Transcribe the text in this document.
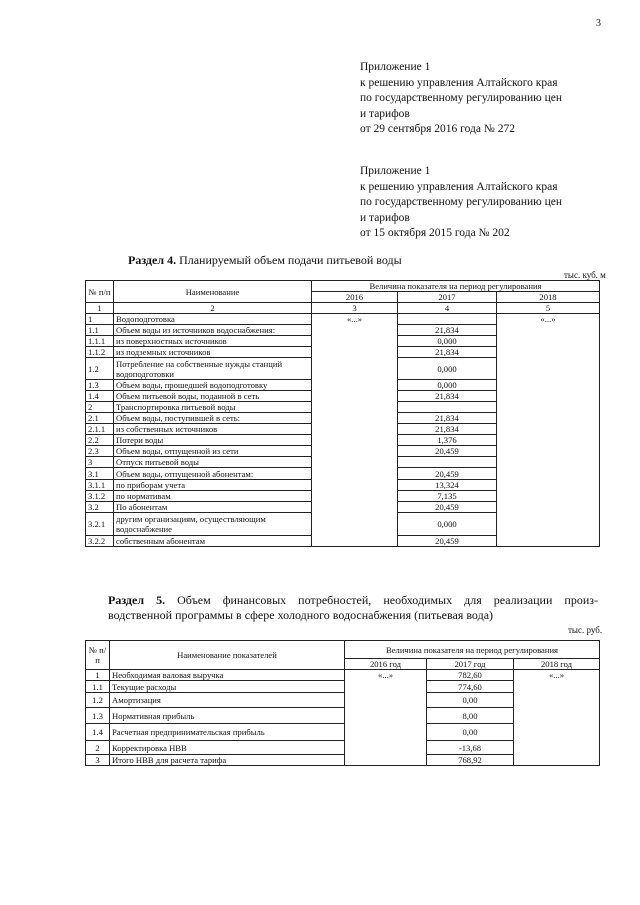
3
Приложение 1
к решению управления Алтайского края
по государственному регулированию цен
и тарифов
от 29 сентября 2016 года № 272
Приложение 1
к решению управления Алтайского края
по государственному регулированию цен
и тарифов
от 15 октября 2015 года № 202
Раздел 4. Планируемый объем подачи питьевой воды
тыс. куб. м
№ п/п	Наименование	Величина показателя на период регулирования		
		2016	2017	2018
1	2	3	4	5
1	Водоподготовка	«...»		«...»
1.1	Объем воды из источников водоснабжения:		21,834	
1.1.1	из поверхностных источников		0,000	
1.1.2	из подземных источников		21,834	
1.2	Потребление на собственные нужды станций водоподготовки		0,000	
1.3	Объем воды, прошедшей водоподготовку		0,000	
1.4	Объем питьевой воды, поданной в сеть		21,834	
2	Транспортировка питьевой воды			
2.1	Объем воды, поступившей в сеть:		21,834	
2.1.1	из собственных источников		21,834	
2.2	Потери воды		1,376	
2.3	Объем воды, отпущенной из сети		20,459	
3	Отпуск питьевой воды			
3.1	Объем воды, отпущенной абонентам:		20,459	
3.1.1	по приборам учета		13,324	
3.1.2	по нормативам		7,135	
3.2	По абонентам		20,459	
3.2.1	другим организациям, осуществляющим водоснабжение		0,000	
3.2.2	собственным абонентам		20,459	
Раздел 5. Объем финансовых потребностей, необходимых для реализации произ-
водственной программы в сфере холодного водоснабжения (питьевая вода)
тыс. руб.
№ п/п	Наименование показателей	Величина показателя на период регулирования		
		2016 год	2017 год	2018 год
1	Необходимая валовая выручка	«...»	782,60	«...»
1.1	Текущие расходы		774,60	
1.2	Амортизация		0,00	
1.3	Нормативная прибыль		8,00	
1.4	Расчетная предпринимательская прибыль		0,00	
2	Корректировка НВВ		-13,68	
3	Итого НВВ для расчета тарифа		768,92	
